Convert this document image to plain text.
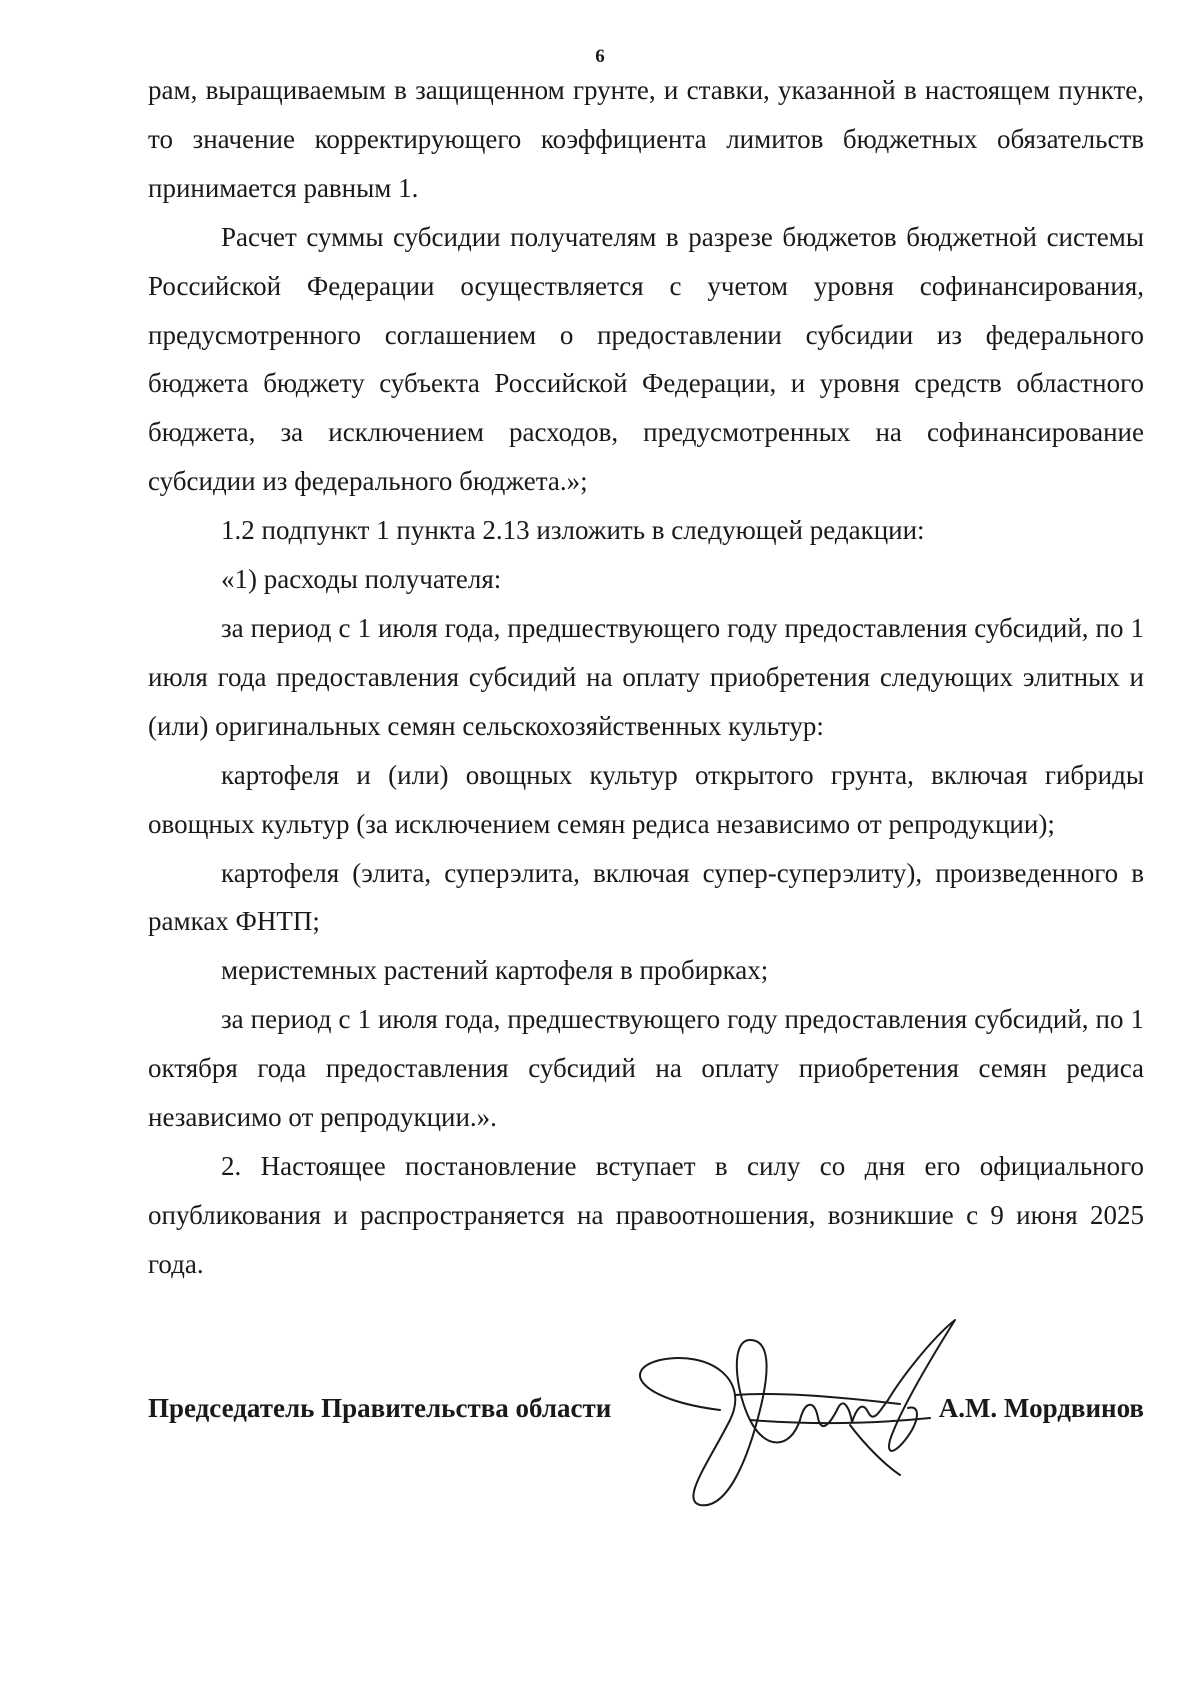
6

рам, выращиваемым в защищенном грунте, и ставки, указанной в настоящем пункте, то значение корректирующего коэффициента лимитов бюджетных обязательств принимается равным 1.

Расчет суммы субсидии получателям в разрезе бюджетов бюджетной системы Российской Федерации осуществляется с учетом уровня софинансирования, предусмотренного соглашением о предоставлении субсидии из федерального бюджета бюджету субъекта Российской Федерации, и уровня средств областного бюджета, за исключением расходов, предусмотренных на софинансирование субсидии из федерального бюджета.»;

1.2 подпункт 1 пункта 2.13 изложить в следующей редакции:

«1) расходы получателя:

за период с 1 июля года, предшествующего году предоставления субсидий, по 1 июля года предоставления субсидий на оплату приобретения следующих элитных и (или) оригинальных семян сельскохозяйственных культур:

картофеля и (или) овощных культур открытого грунта, включая гибриды овощных культур (за исключением семян редиса независимо от репродукции);

картофеля (элита, суперэлита, включая супер-суперэлиту), произведенного в рамках ФНТП;

меристемных растений картофеля в пробирках;

за период с 1 июля года, предшествующего году предоставления субсидий, по 1 октября года предоставления субсидий на оплату приобретения семян редиса независимо от репродукции.».

2. Настоящее постановление вступает в силу со дня его официального опубликования и распространяется на правоотношения, возникшие с 9 июня 2025 года.

Председатель Правительства области	А.М. Мордвинов
